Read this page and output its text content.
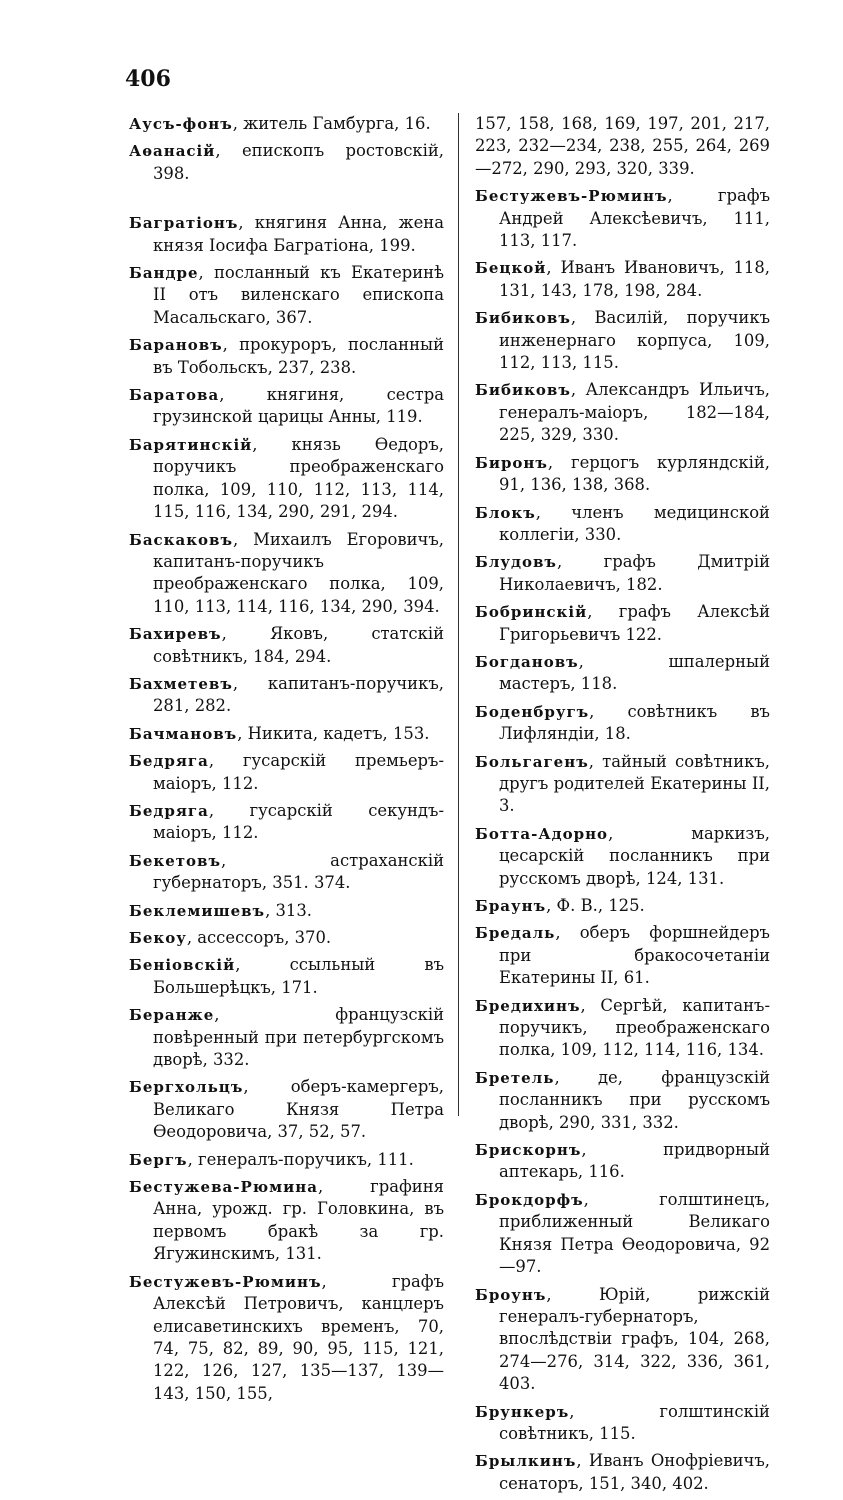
406
Аусъ-фонъ, житель Гамбурга, 16.
Аѳанасій, епископъ ростовскій, 398.
Багратіонъ, княгиня Анна, жена князя Іосифа Багратіона, 199.
Бандре, посланный къ Екатеринѣ II отъ виленскаго епископа Масальскаго, 367.
Барановъ, прокуроръ, посланный въ Тобольскъ, 237, 238.
Баратова, княгиня, сестра грузинской царицы Анны, 119.
Барятинскій, князь Ѳедоръ, поручикъ преображенскаго полка, 109, 110, 112, 113, 114, 115, 116, 134, 290, 291, 294.
Баскаковъ, Михаилъ Егоровичъ, капитанъ-поручикъ преображенскаго полка, 109, 110, 113, 114, 116, 134, 290, 394.
Бахиревъ, Яковъ, статскій совѣтникъ, 184, 294.
Бахметевъ, капитанъ-поручикъ, 281, 282.
Бачмановъ, Никита, кадетъ, 153.
Бедряга, гусарскій премьеръ-маіоръ, 112.
Бедряга, гусарскій секундъ-маіоръ, 112.
Бекетовъ, астраханскій губернаторъ, 351. 374.
Беклемишевъ, 313.
Бекоу, ассессоръ, 370.
Беніовскій, ссыльный въ Большерѣцкъ, 171.
Беранже, французскій повѣренный при петербургскомъ дворѣ, 332.
Бергхольцъ, оберъ-камергеръ, Великаго Князя Петра Ѳеодоровича, 37, 52, 57.
Бергъ, генералъ-поручикъ, 111.
Бестужева-Рюмина, графиня Анна, урожд. гр. Головкина, въ первомъ бракѣ за гр. Ягужинскимъ, 131.
Бестужевъ-Рюминъ, графъ Алексѣй Петровичъ, канцлеръ елисаветинскихъ временъ, 70, 74, 75, 82, 89, 90, 95, 115, 121, 122, 126, 127, 135—137, 139—143, 150, 155,
157, 158, 168, 169, 197, 201, 217, 223, 232—234, 238, 255, 264, 269—272, 290, 293, 320, 339.
Бестужевъ-Рюминъ, графъ Андрей Алексѣевичъ, 111, 113, 117.
Бецкой, Иванъ Ивановичъ, 118, 131, 143, 178, 198, 284.
Бибиковъ, Василій, поручикъ инженернаго корпуса, 109, 112, 113, 115.
Бибиковъ, Александръ Ильичъ, генералъ-маіоръ, 182—184, 225, 329, 330.
Биронъ, герцогъ курляндскій, 91, 136, 138, 368.
Блокъ, членъ медицинской коллегіи, 330.
Блудовъ, графъ Дмитрій Николаевичъ, 182.
Бобринскій, графъ Алексѣй Григорьевичъ 122.
Богдановъ, шпалерный мастеръ, 118.
Боденбругъ, совѣтникъ въ Лифляндіи, 18.
Больгагенъ, тайный совѣтникъ, другъ родителей Екатерины II, 3.
Ботта-Адорно, маркизъ, цесарскій посланникъ при русскомъ дворѣ, 124, 131.
Браунъ, Ф. В., 125.
Бредаль, оберъ форшнейдеръ при бракосочетаніи Екатерины II, 61.
Бредихинъ, Сергѣй, капитанъ-поручикъ, преображенскаго полка, 109, 112, 114, 116, 134.
Бретель, де, французскій посланникъ при русскомъ дворѣ, 290, 331, 332.
Брискорнъ, придворный аптекарь, 116.
Брокдорфъ, голштинецъ, приближенный Великаго Князя Петра Ѳеодоровича, 92—97.
Броунъ, Юрій, рижскій генералъ-губернаторъ, впослѣдствіи графъ, 104, 268, 274—276, 314, 322, 336, 361, 403.
Брункеръ, голштинскій совѣтникъ, 115.
Брылкинъ, Иванъ Онофріевичъ, сенаторъ, 151, 340, 402.
